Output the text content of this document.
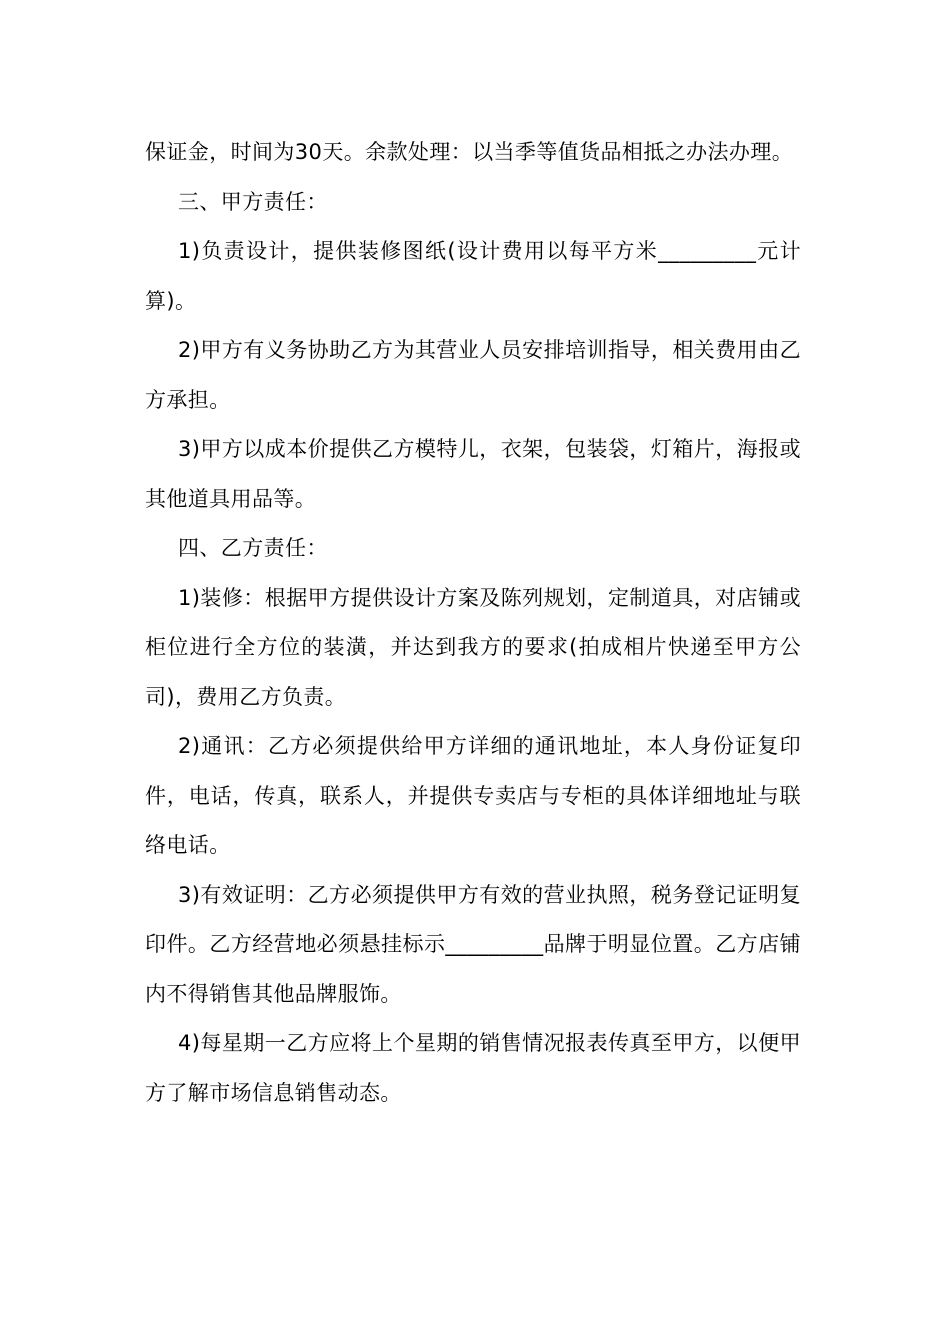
保证金，时间为30天。余款处理：以当季等值货品相抵之办法办理。

三、甲方责任：

1)负责设计，提供装修图纸(设计费用以每平方米_________元计算)。

2)甲方有义务协助乙方为其营业人员安排培训指导，相关费用由乙方承担。

3)甲方以成本价提供乙方模特儿，衣架，包装袋，灯箱片，海报或其他道具用品等。

四、乙方责任：

1)装修：根据甲方提供设计方案及陈列规划，定制道具，对店铺或柜位进行全方位的装潢，并达到我方的要求(拍成相片快递至甲方公司)，费用乙方负责。

2)通讯：乙方必须提供给甲方详细的通讯地址，本人身份证复印件，电话，传真，联系人，并提供专卖店与专柜的具体详细地址与联络电话。

3)有效证明：乙方必须提供甲方有效的营业执照，税务登记证明复印件。乙方经营地必须悬挂标示_________品牌于明显位置。乙方店铺内不得销售其他品牌服饰。

4)每星期一乙方应将上个星期的销售情况报表传真至甲方，以便甲方了解市场信息销售动态。
